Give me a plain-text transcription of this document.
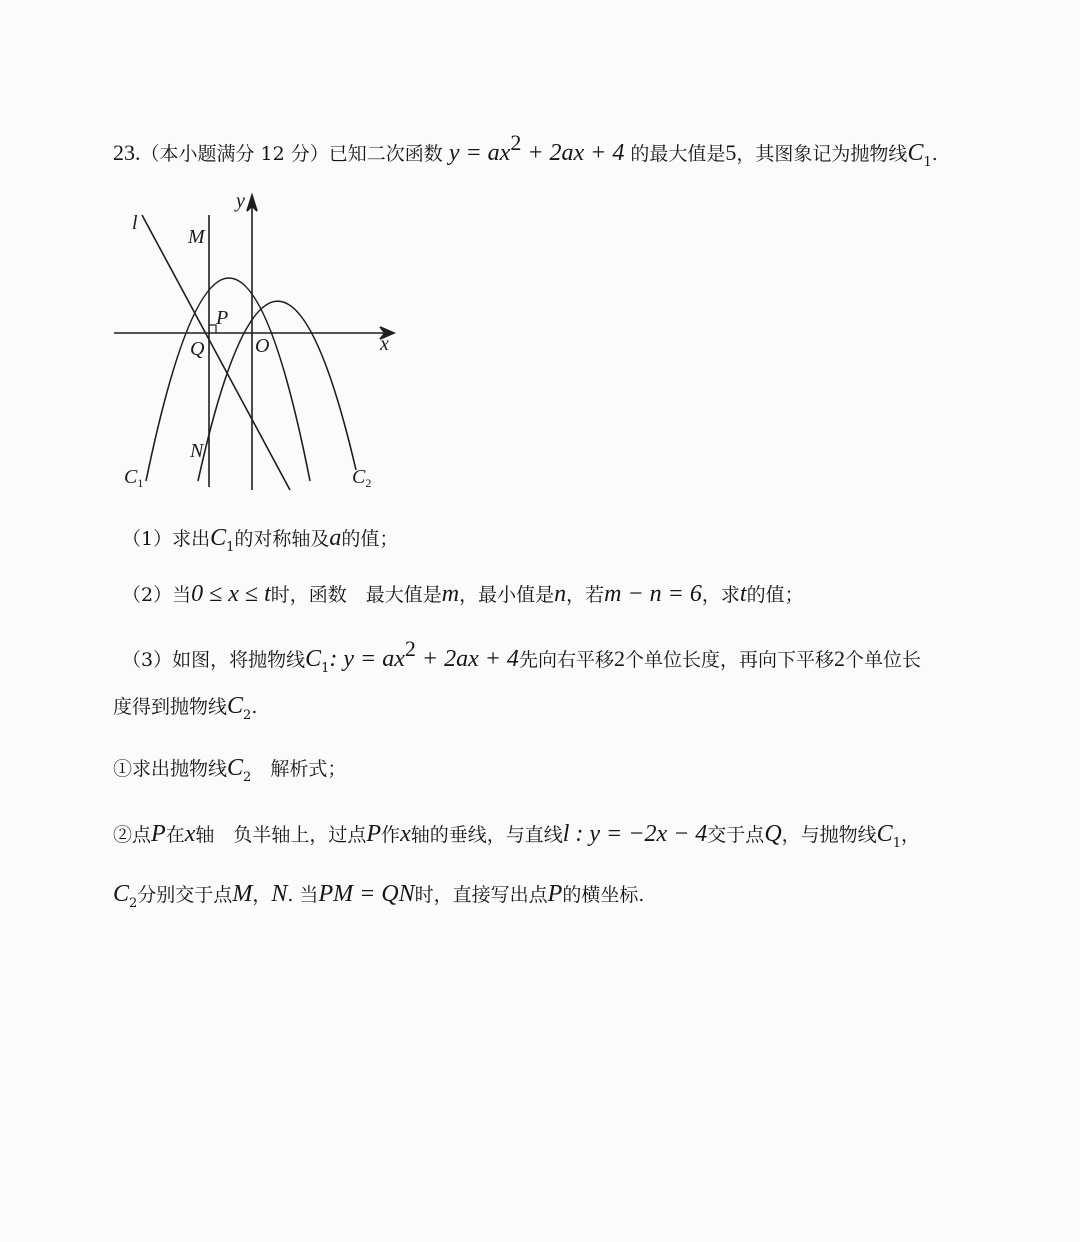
23.（本小题满分 12 分）已知二次函数 $y = ax^2 + 2ax + 4$ 的最大值是5，其图象记为抛物线$C_1$.
l
y
M
P
Q	O	x
N
$C_1$	$C_2$
（1）求出$C_1$的对称轴及a的值；
（2）当0 ≤ x ≤ t时，函数　最大值是m，最小值是n，若m − n = 6，求t的值；
（3）如图，将抛物线$C_1$: $y = ax^2 + 2ax + 4$先向右平移2个单位长度，再向下平移2个单位长
度得到抛物线$C_2$.
①求出抛物线$C_2$　解析式；
②点P在x轴　负半轴上，过点P作x轴的垂线，与直线l : y = −2x − 4交于点Q，与抛物线$C_1$，
$C_2$分别交于点M，N. 当PM = QN时，直接写出点P的横坐标.
